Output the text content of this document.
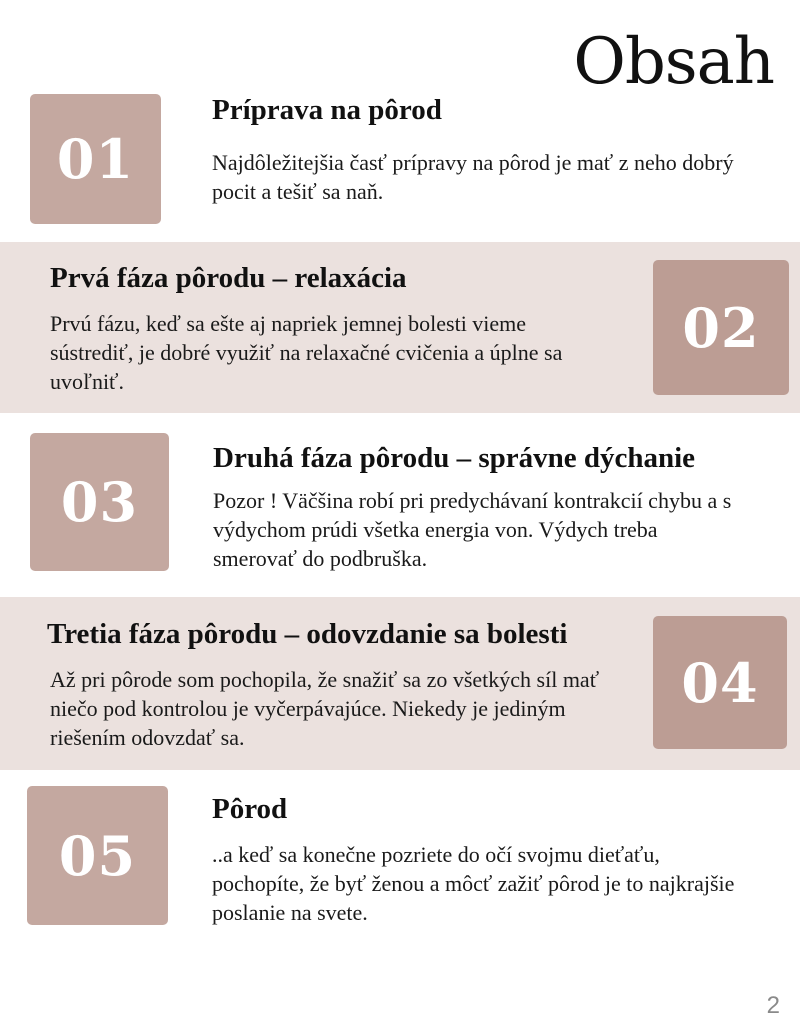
Obsah
01
Príprava na pôrod
Najdôležitejšia časť prípravy na pôrod je mať z neho dobrý pocit a tešiť sa naň.
Prvá fáza pôrodu – relaxácia
Prvú fázu, keď sa ešte aj napriek jemnej bolesti vieme sústrediť, je dobré využiť na relaxačné cvičenia a úplne sa uvoľniť.
02
03
Druhá fáza pôrodu – správne dýchanie
Pozor ! Väčšina robí pri predychávaní kontrakcií chybu a s výdychom prúdi všetka energia von. Výdych treba smerovať do podbruška.
Tretia fáza pôrodu – odovzdanie sa bolesti
Až pri pôrode som pochopila, že snažiť sa zo všetkých síl mať niečo pod kontrolou je vyčerpávajúce. Niekedy je jediným riešením odovzdať sa.
04
05
Pôrod
..a keď sa konečne pozriete do očí svojmu dieťaťu, pochopíte, že byť ženou a môcť zažiť pôrod je to najkrajšie poslanie na svete.
2
